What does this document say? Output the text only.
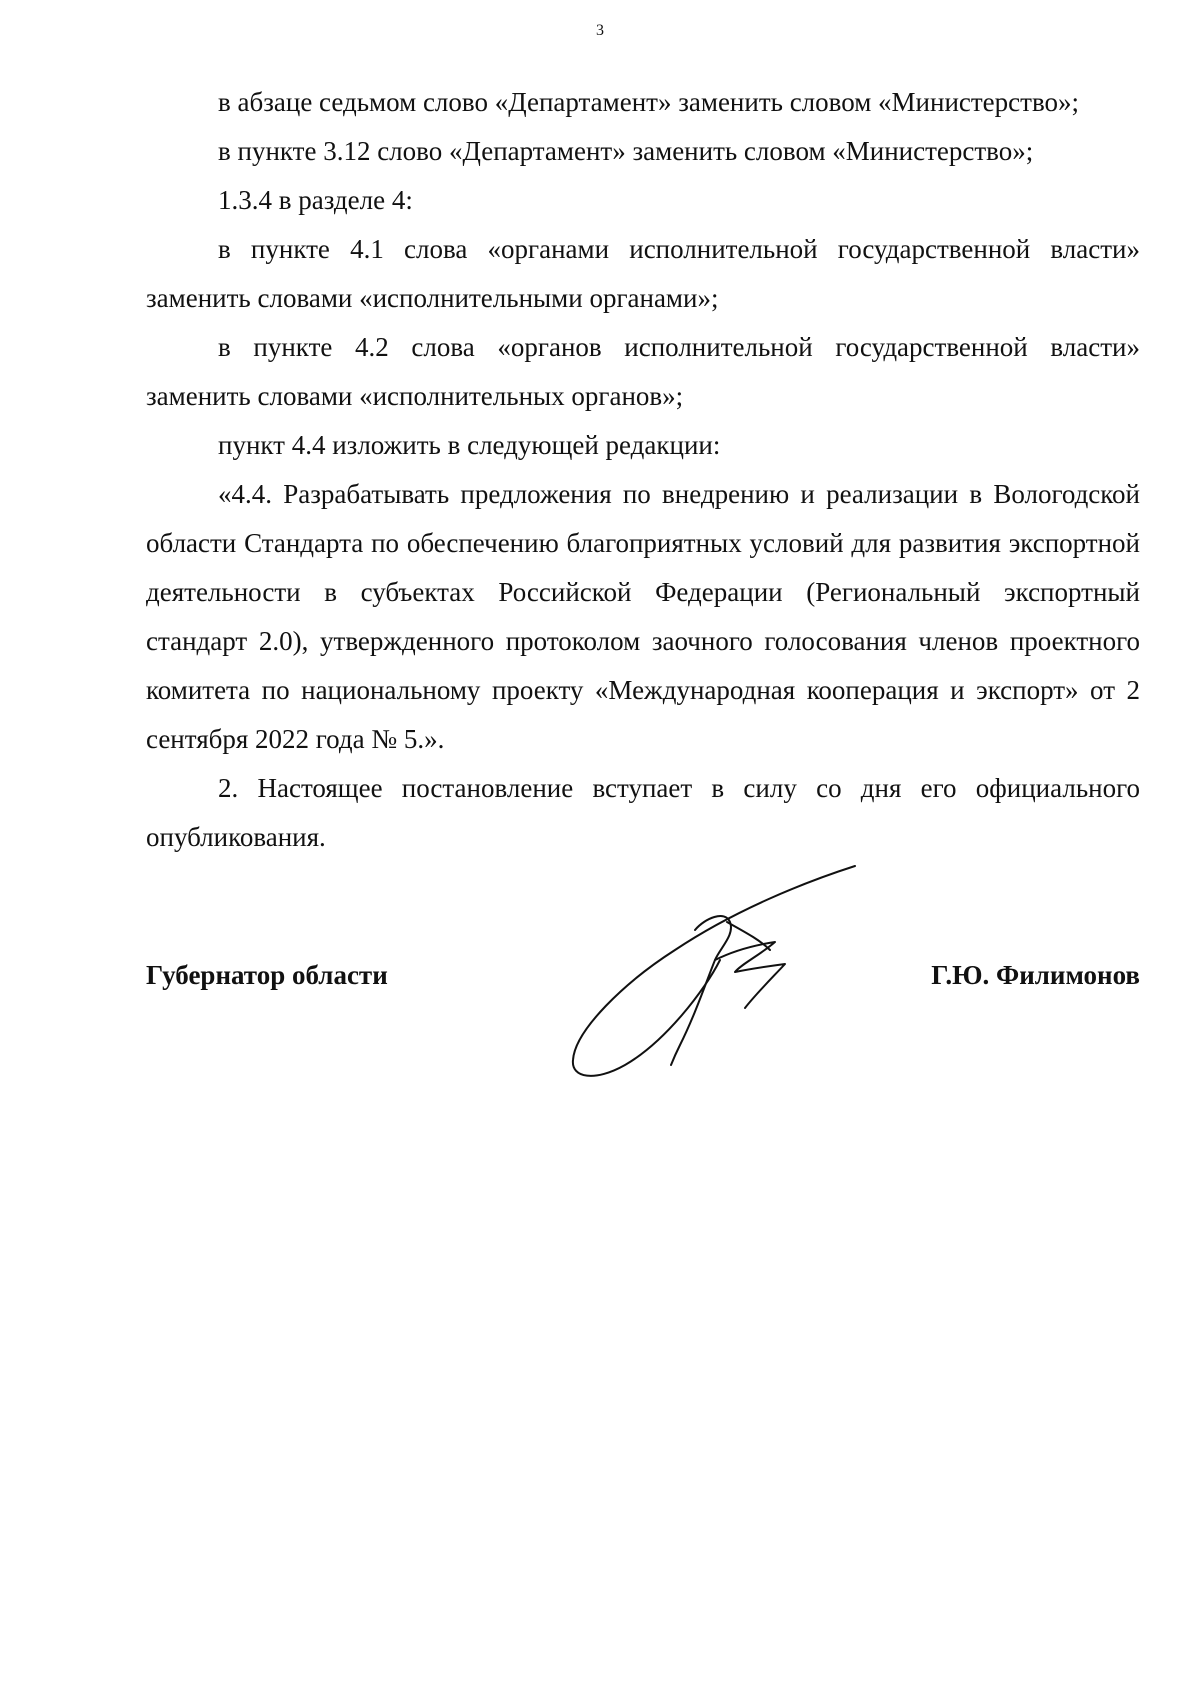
3

в абзаце седьмом слово «Департамент» заменить словом «Министерство»;

в пункте 3.12 слово «Департамент» заменить словом «Министерство»;

1.3.4 в разделе 4:

в пункте 4.1 слова «органами исполнительной государственной власти» заменить словами «исполнительными органами»;

в пункте 4.2 слова «органов исполнительной государственной власти» заменить словами «исполнительных органов»;

пункт 4.4 изложить в следующей редакции:

«4.4. Разрабатывать предложения по внедрению и реализации в Вологодской области Стандарта по обеспечению благоприятных условий для развития экспортной деятельности в субъектах Российской Федерации (Региональный экспортный стандарт 2.0), утвержденного протоколом заочного голосования членов проектного комитета по национальному проекту «Международная кооперация и экспорт» от 2 сентября 2022 года № 5.».

2. Настоящее постановление вступает в силу со дня его официального опубликования.

Губернатор области	Г.Ю. Филимонов
